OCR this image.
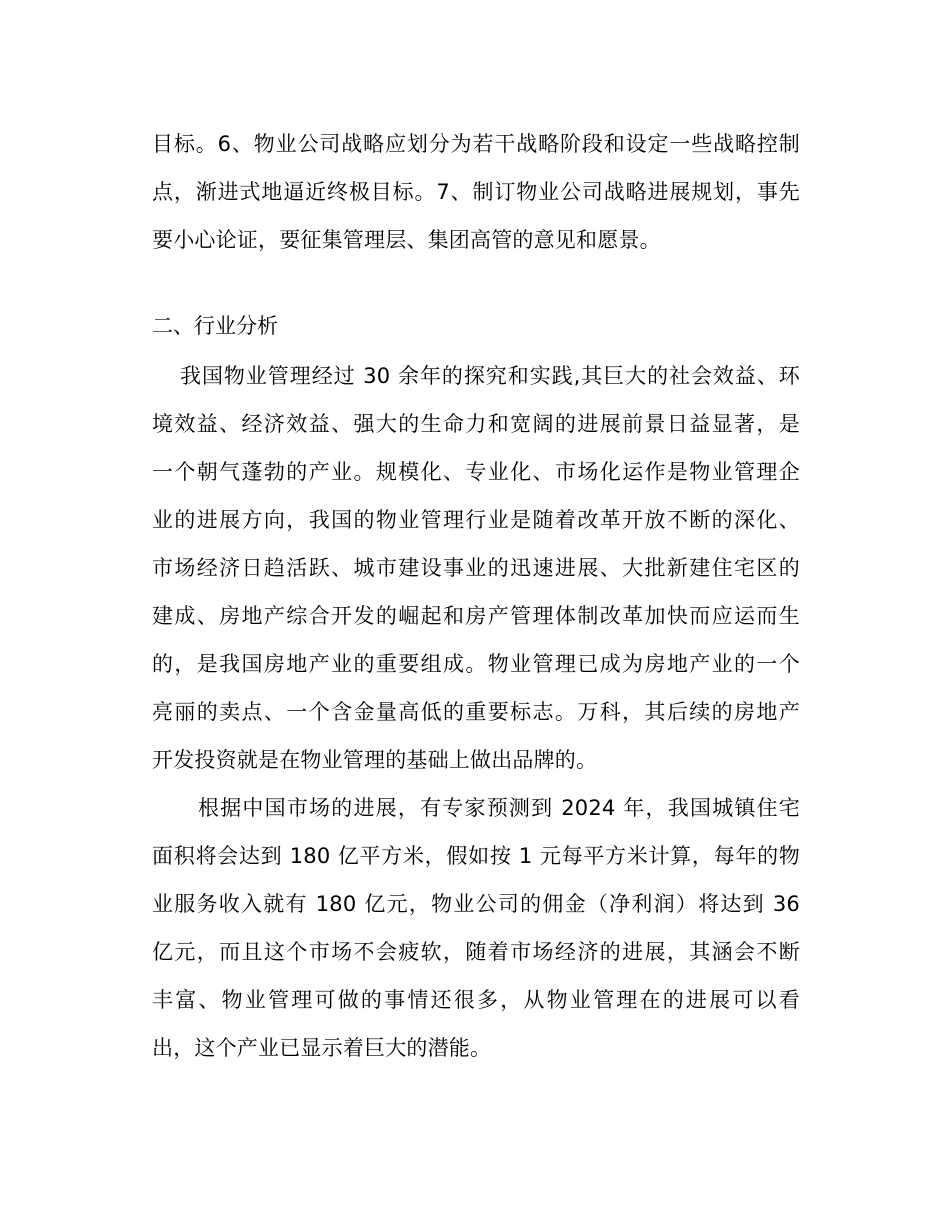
目标。6、物业公司战略应划分为若干战略阶段和设定一些战略控制
点，渐进式地逼近终极目标。7、制订物业公司战略进展规划，事先
要小心论证，要征集管理层、集团高管的意见和愿景。
二、行业分析
我国物业管理经过 30 余年的探究和实践,其巨大的社会效益、环
境效益、经济效益、强大的生命力和宽阔的进展前景日益显著，是
一个朝气蓬勃的产业。规模化、专业化、市场化运作是物业管理企
业的进展方向，我国的物业管理行业是随着改革开放不断的深化、
市场经济日趋活跃、城市建设事业的迅速进展、大批新建住宅区的
建成、房地产综合开发的崛起和房产管理体制改革加快而应运而生
的，是我国房地产业的重要组成。物业管理已成为房地产业的一个
亮丽的卖点、一个含金量高低的重要标志。万科，其后续的房地产
开发投资就是在物业管理的基础上做出品牌的。
根据中国市场的进展，有专家预测到 2024 年，我国城镇住宅
面积将会达到 180 亿平方米，假如按 1 元每平方米计算，每年的物
业服务收入就有 180 亿元，物业公司的佣金（净利润）将达到 36
亿元，而且这个市场不会疲软，随着市场经济的进展，其涵会不断
丰富、物业管理可做的事情还很多，从物业管理在的进展可以看
出，这个产业已显示着巨大的潜能。
